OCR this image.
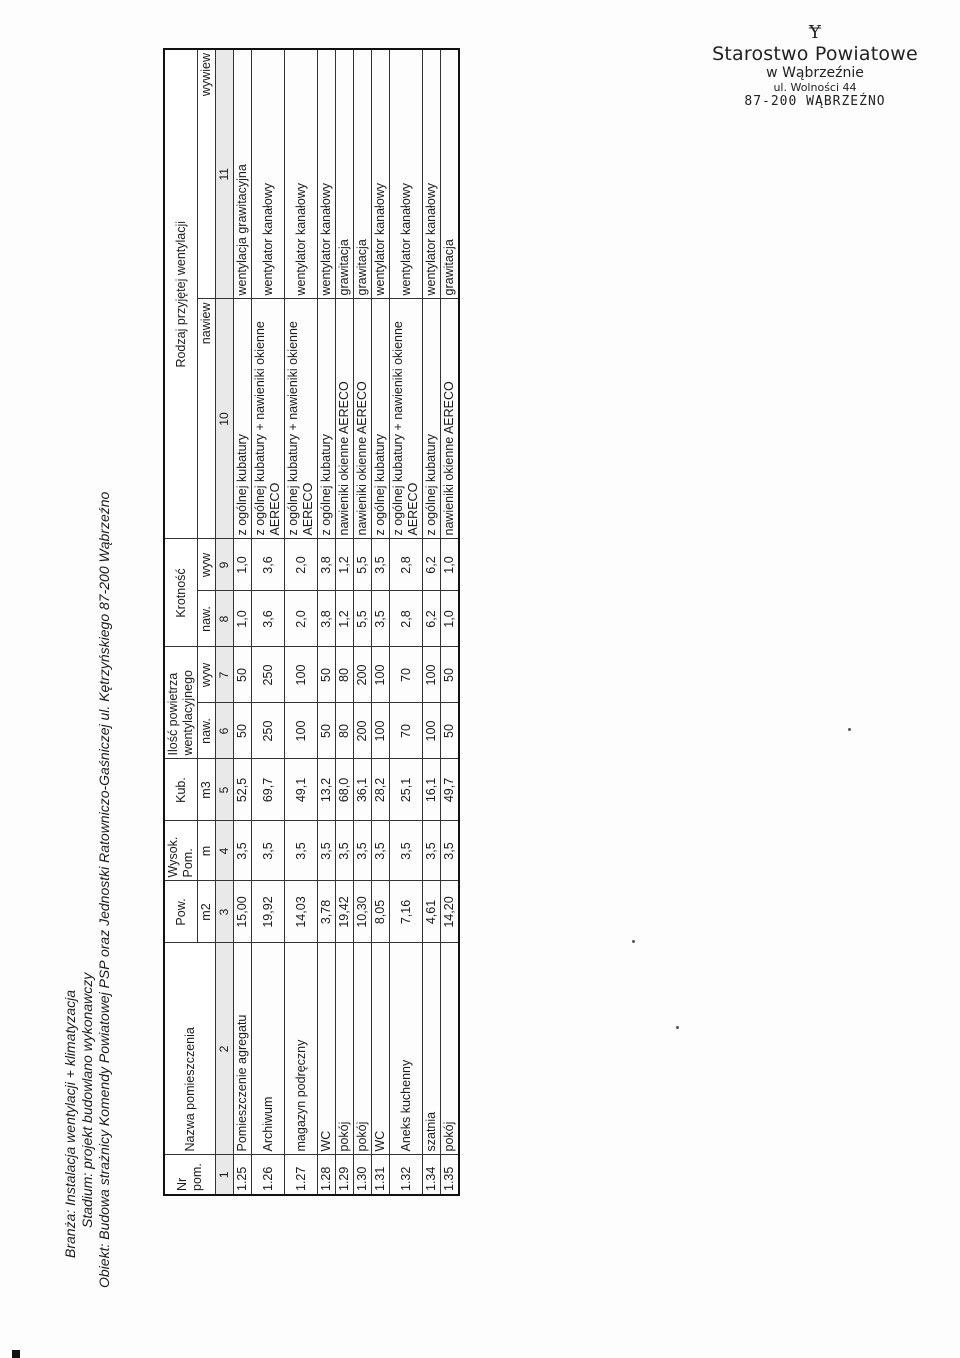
Branża: Instalacja wentylacji + klimatyzacja Stadium: projekt budowlano wykonawczy Obiekt: Budowa strażnicy Komendy Powiatowej PSP oraz Jednostki Ratowniczo-Gaśniczej ul. Kętrzyńskiego 87-200 Wąbrzeźno	Nr pom.	Nazwa pomieszczenia	Pow.	Wysok. Pom.	Kub.	Ilość powietrza wentylacyjnego		Krotność		Rodzaj przyjętej wentylacji	
		m2	m	m3	naw.	wyw	naw.	wyw	nawiew	wywiew
1	2	3	4	5	6	7	8	9	10	11
1.25	Pomieszczenie agregatu	15,00	3,5	52,5	50	50	1,0	1,0	z ogólnej kubatury	wentylacja grawitacyjna
1.26	Archiwum	19,92	3,5	69,7	250	250	3,6	3,6	z ogólnej kubatury + nawieniki okienne AERECO	wentylator kanałowy
1.27	magazyn podręczny	14,03	3,5	49,1	100	100	2,0	2,0	z ogólnej kubatury + nawieniki okienne AERECO	wentylator kanałowy
1.28	WC	3,78	3,5	13,2	50	50	3,8	3,8	z ogólnej kubatury	wentylator kanałowy
1.29	pokój	19,42	3,5	68,0	80	80	1,2	1,2	nawieniki okienne AERECO	grawitacja
1.30	pokój	10,30	3,5	36,1	200	200	5,5	5,5	nawieniki okienne AERECO	grawitacja
1.31	WC	8,05	3,5	28,2	100	100	3,5	3,5	z ogólnej kubatury	wentylator kanałowy
1.32	Aneks kuchenny	7,16	3,5	25,1	70	70	2,8	2,8	z ogólnej kubatury + nawieniki okienne AERECO	wentylator kanałowy
1.34	szatnia	4,61	3,5	16,1	100	100	6,2	6,2	z ogólnej kubatury	wentylator kanałowy
1.35	pokój	14,20	3,5	49,7	50	50	1,0	1,0	nawieniki okienne AERECO	grawitacja
Ɏ
Starostwo Powiatowe
w Wąbrzeźnie
ul. Wolności 44
87-200 WĄBRZEŹNO
